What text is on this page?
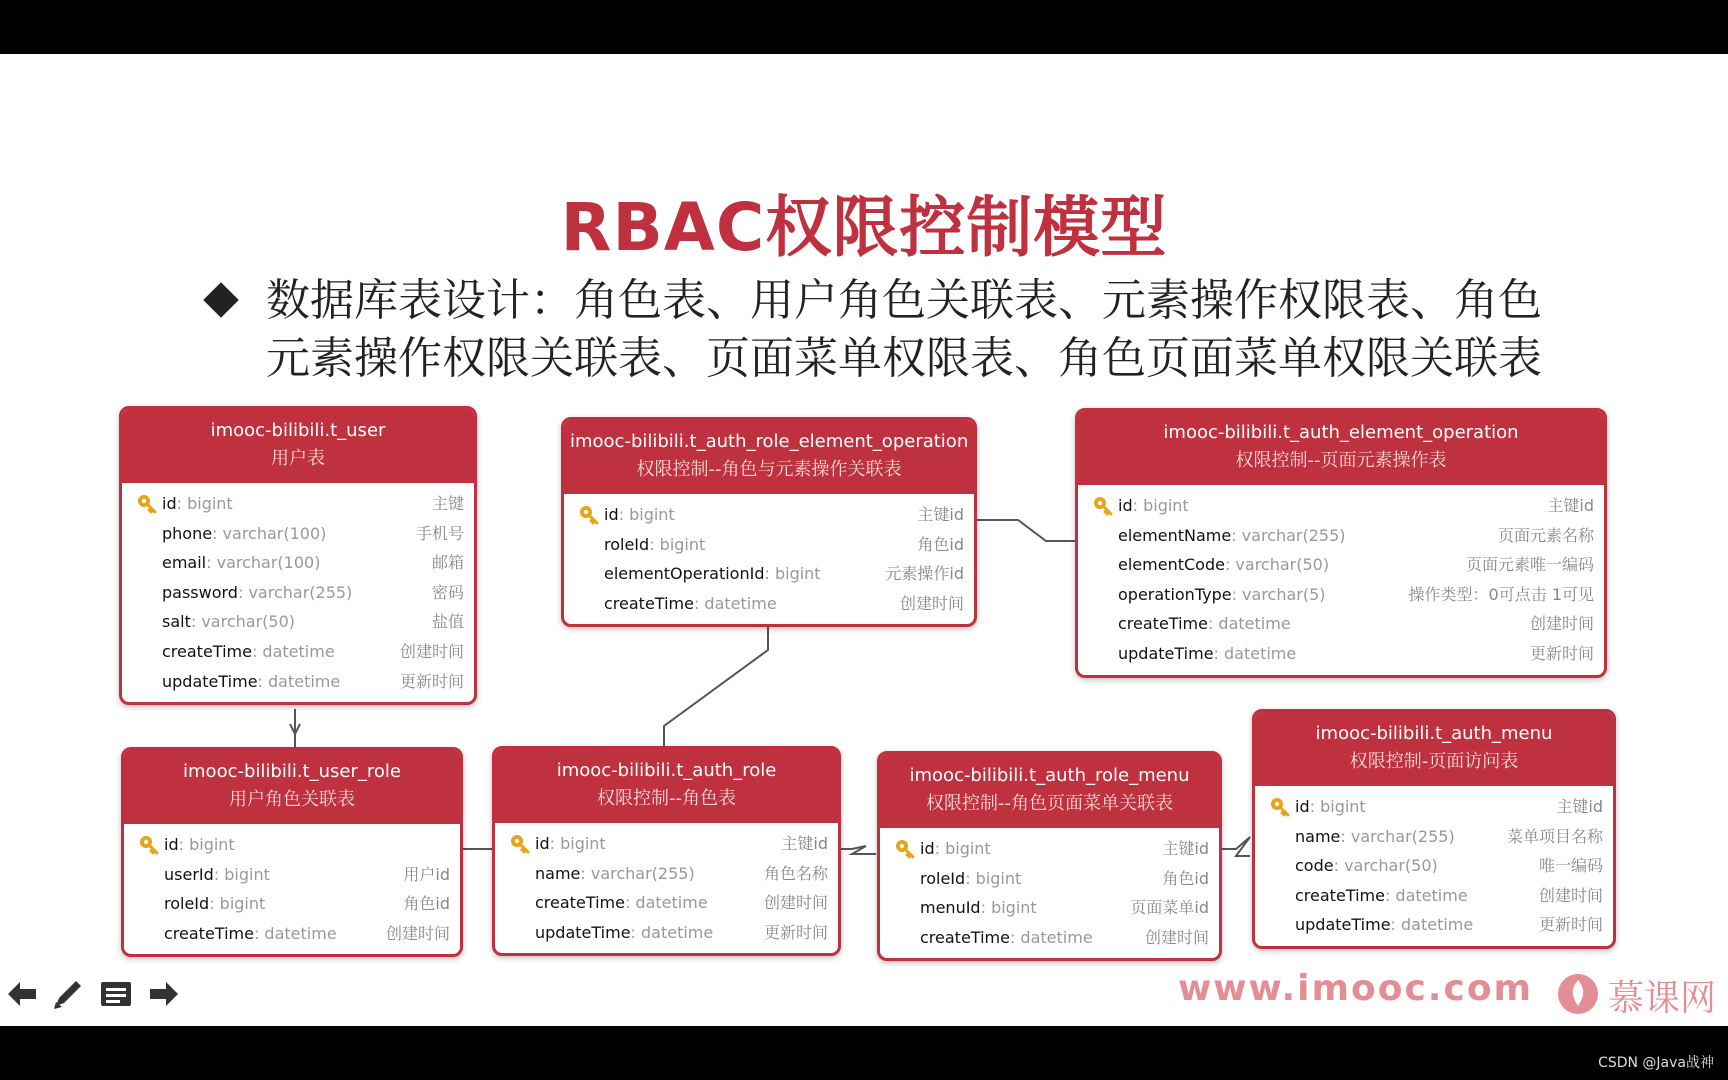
RBAC权限控制模型
数据库表设计：角色表、用户角色关联表、元素操作权限表、角色
元素操作权限关联表、页面菜单权限表、角色页面菜单权限关联表
imooc-bilibili.t_user
用户表
id: bigint	主键
phone: varchar(100)	手机号
email: varchar(100)	邮箱
password: varchar(255)	密码
salt: varchar(50)	盐值
createTime: datetime	创建时间
updateTime: datetime	更新时间
imooc-bilibili.t_auth_role_element_operation
权限控制--角色与元素操作关联表
id: bigint	主键id
roleId: bigint	角色id
elementOperationId: bigint	元素操作id
createTime: datetime	创建时间
imooc-bilibili.t_auth_element_operation
权限控制--页面元素操作表
id: bigint	主键id
elementName: varchar(255)	页面元素名称
elementCode: varchar(50)	页面元素唯一编码
operationType: varchar(5)	操作类型：0可点击 1可见
createTime: datetime	创建时间
updateTime: datetime	更新时间
imooc-bilibili.t_user_role
用户角色关联表
id: bigint
userId: bigint	用户id
roleId: bigint	角色id
createTime: datetime	创建时间
imooc-bilibili.t_auth_role
权限控制--角色表
id: bigint	主键id
name: varchar(255)	角色名称
createTime: datetime	创建时间
updateTime: datetime	更新时间
imooc-bilibili.t_auth_role_menu
权限控制--角色页面菜单关联表
id: bigint	主键id
roleId: bigint	角色id
menuId: bigint	页面菜单id
createTime: datetime	创建时间
imooc-bilibili.t_auth_menu
权限控制-页面访问表
id: bigint	主键id
name: varchar(255)	菜单项目名称
code: varchar(50)	唯一编码
createTime: datetime	创建时间
updateTime: datetime	更新时间
www.imooc.com 慕课网
CSDN @Java战神
